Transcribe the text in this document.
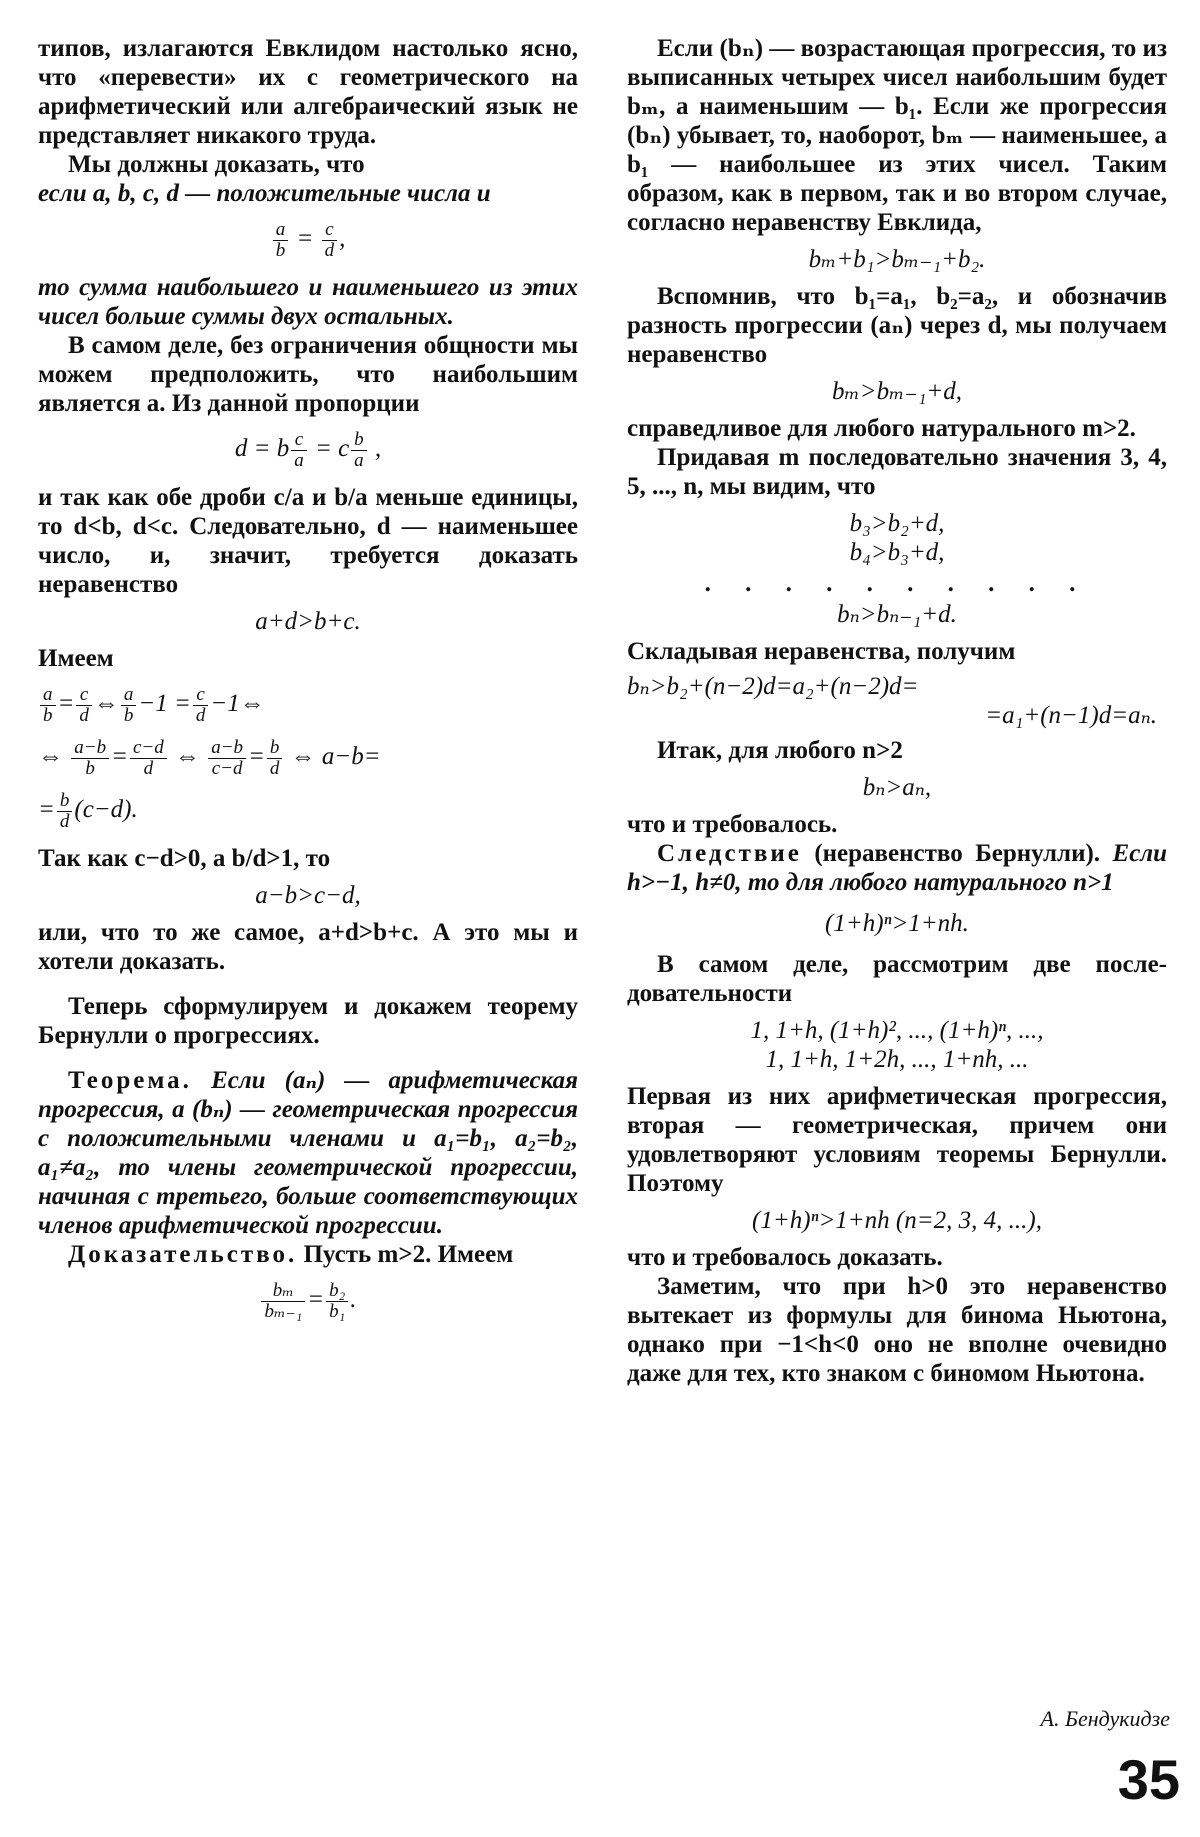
типов, излагаются Евклидом настолько ясно, что «перевести» их с геометрического на арифметический или алгебраический язык не представляет никакого труда.

Мы должны доказать, что

если a, b, c, d — положительные числа и

$\frac{a}{b} = \frac{c}{d}$ ,

то сумма наибольшего и наименьшего из этих чисел больше суммы двух остальных.

В самом деле, без ограничения общности мы можем предположить, что наибольшим является a. Из данной пропорции

d = b $\frac{c}{a} = c \frac{b}{a}$ ,

и так как обе дроби c/a и b/a меньше единицы, то d<b, d<c. Следовательно, d — наименьшее число, и, значит, требуется доказать неравенство

a+d>b+c.

Имеем

$\frac{a}{b} = \frac{c}{d}$ ⇔ $\frac{a}{b} -1 = \frac{c}{d}$ −1⇔
⇔ $\frac{a-b}{b} = \frac{c-d}{d}$ ⇔ $\frac{a-b}{c-d} = \frac{b}{d}$ ⇔ a−b=
= $\frac{b}{d} (c-d)$.

Так как c−d>0, а b/d>1, то

a−b>c−d,

или, что то же самое, a+d>b+c. А это мы и хотели доказать.

Теперь сформулируем и докажем теорему Бернулли о прогрессиях.

Теорема. Если (aₙ) — арифметическая прогрессия, а (bₙ) — геометрическая прогрессия с положительными членами и a₁=b₁, a₂=b₂, a₁≠a₂, то члены геометрической прогрессии, начиная с третьего, больше соответствующих членов арифметической прогрессии.

Доказательство. Пусть m>2. Имеем

$\frac{\text{bₘ}}{\text{bₘ₋₁}} = \frac{\text{b₂}}{\text{b₁}}$ .

Если (bₙ) — возрастающая прогрессия, то из выписанных четырех чисел наибольшим будет bₘ, а наименьшим — b₁. Если же прогрессия (bₙ) убывает, то, наоборот, bₘ — наименьшее, а b₁ — наибольшее из этих чисел. Таким образом, как в первом, так и во втором случае, согласно неравенству Евклида,

bₘ+b₁>bₘ₋₁+b₂.

Вспомнив, что b₁=a₁, b₂=a₂, и обозначив разность прогрессии (aₙ) через d, мы получаем неравенство

bₘ>bₘ₋₁+d,

справедливое для любого натурального m>2.

Придавая m последовательно значения 3, 4, 5, ..., n, мы видим, что

b₃>b₂+d,
b₄>b₃+d,
. . . . . . . . . .
bₙ>bₙ₋₁+d.

Складывая неравенства, получим

bₙ>b₂+(n−2)d=a₂+(n−2)d=
=a₁+(n−1)d=aₙ.

Итак, для любого n>2

bₙ>aₙ,

что и требовалось.

Следствие (неравенство Бернулли). Если h>−1, h≠0, то для любого натурального n>1

(1+h)ⁿ>1+nh.

В самом деле, рассмотрим две последовательности

1, 1+h, (1+h)², ..., (1+h)ⁿ, ...,
1, 1+h, 1+2h, ..., 1+nh, ...

Первая из них арифметическая прогрессия, вторая — геометрическая, причем они удовлетворяют условиям теоремы Бернулли. Поэтому

(1+h)ⁿ>1+nh (n=2, 3, 4, ...),

что и требовалось доказать.

Заметим, что при h>0 это неравенство вытекает из формулы для бинома Ньютона, однако при −1<h<0 оно не вполне очевидно даже для тех, кто знаком с биномом Ньютона.

А. Бендукидзе
35
